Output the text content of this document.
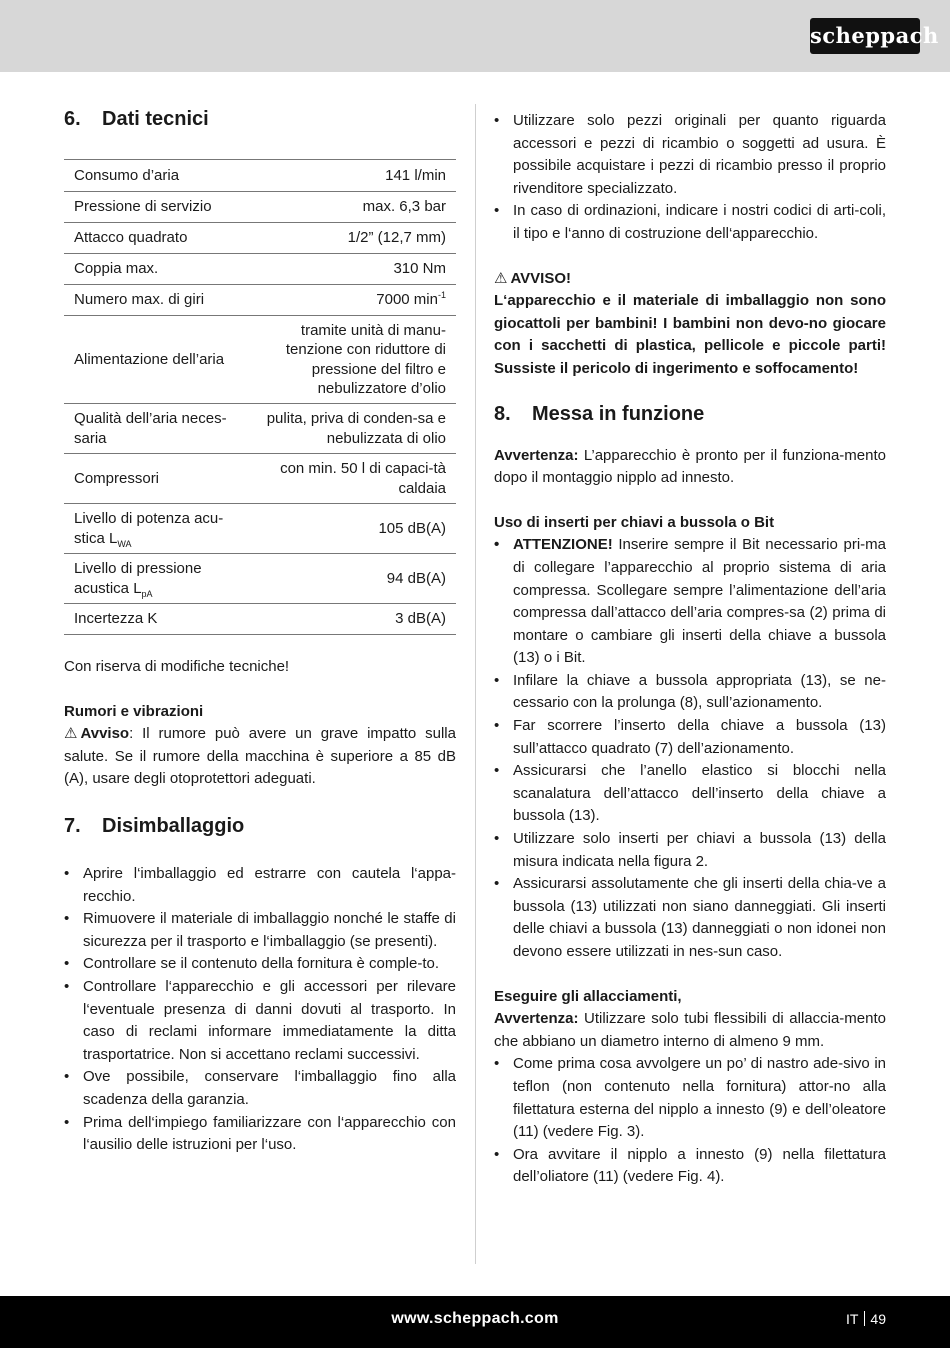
scheppach
6. Dati tecnici
Consumo d’aria	141 l/min
Pressione di servizio	max. 6,3 bar
Attacco quadrato	1/2” (12,7 mm)
Coppia max.	310 Nm
Numero max. di giri	7000 $\min^{-1}$
Alimentazione dell’aria	tramite unità di manu-tenzione con riduttore di pressione del filtro e nebulizzatore d’olio
Qualità dell’aria neces-saria	pulita, priva di conden-sa e nebulizzata di olio
Compressori	con min. 50 l di capaci-tà caldaia
Livello di potenza acu-stica $L_{WA}$	105 dB(A)
Livello di pressione acustica $L_{pA}$	94 dB(A)
Incertezza K	3 dB(A)

Con riserva di modifiche tecniche!

Rumori e vibrazioni

⚠ Avviso: Il rumore può avere un grave impatto sulla salute. Se il rumore della macchina è superiore a 85 dB (A), usare degli otoprotettori adeguati.

7. Disimballaggio
• Aprire l‘imballaggio ed estrarre con cautela l‘appa-recchio.
• Rimuovere il materiale di imballaggio nonché le staffe di sicurezza per il trasporto e l‘imballaggio (se presenti).
• Controllare se il contenuto della fornitura è comple-to.
• Controllare l‘apparecchio e gli accessori per rilevare l‘eventuale presenza di danni dovuti al trasporto. In caso di reclami informare immediatamente la ditta trasportatrice. Non si accettano reclami successivi.
• Ove possibile, conservare l‘imballaggio fino alla scadenza della garanzia.
• Prima dell‘impiego familiarizzare con l‘apparecchio con l‘ausilio delle istruzioni per l‘uso.
• Utilizzare solo pezzi originali per quanto riguarda accessori e pezzi di ricambio o soggetti ad usura. È possibile acquistare i pezzi di ricambio presso il proprio rivenditore specializzato.
• In caso di ordinazioni, indicare i nostri codici di arti-coli, il tipo e l‘anno di costruzione dell‘apparecchio.

⚠ AVVISO!

L‘apparecchio e il materiale di imballaggio non sono giocattoli per bambini! I bambini non devo-no giocare con i sacchetti di plastica, pellicole e piccole parti! Sussiste il pericolo di ingerimento e soffocamento!

8. Messa in funzione

Avvertenza: L’apparecchio è pronto per il funziona-mento dopo il montaggio nipplo ad innesto.

Uso di inserti per chiavi a bussola o Bit

• ATTENZIONE! Inserire sempre il Bit necessario pri-ma di collegare l’apparecchio al proprio sistema di aria compressa. Scollegare sempre l’alimentazione dell’aria compressa dall’attacco dell’aria compres-sa (2) prima di montare o cambiare gli inserti della chiave a bussola (13) o i Bit.
• Infilare la chiave a bussola appropriata (13), se ne-cessario con la prolunga (8), sull’azionamento.
• Far scorrere l’inserto della chiave a bussola (13) sull’attacco quadrato (7) dell’azionamento.
• Assicurarsi che l’anello elastico si blocchi nella scanalatura dell’attacco dell’inserto della chiave a bussola (13).
• Utilizzare solo inserti per chiavi a bussola (13) della misura indicata nella figura 2.
• Assicurarsi assolutamente che gli inserti della chia-ve a bussola (13) utilizzati non siano danneggiati. Gli inserti delle chiavi a bussola (13) danneggiati o non idonei non devono essere utilizzati in nes-sun caso.

Eseguire gli allacciamenti,

Avvertenza: Utilizzare solo tubi flessibili di allaccia-mento che abbiano un diametro interno di almeno 9 mm.

• Come prima cosa avvolgere un po’ di nastro ade-sivo in teflon (non contenuto nella fornitura) attor-no alla filettatura esterna del nipplo a innesto (9) e dell’oleatore (11) (vedere Fig. 3).
• Ora avvitare il nipplo a innesto (9) nella filettatura dell’oliatore (11) (vedere Fig. 4).
www.scheppach.com	IT 49
